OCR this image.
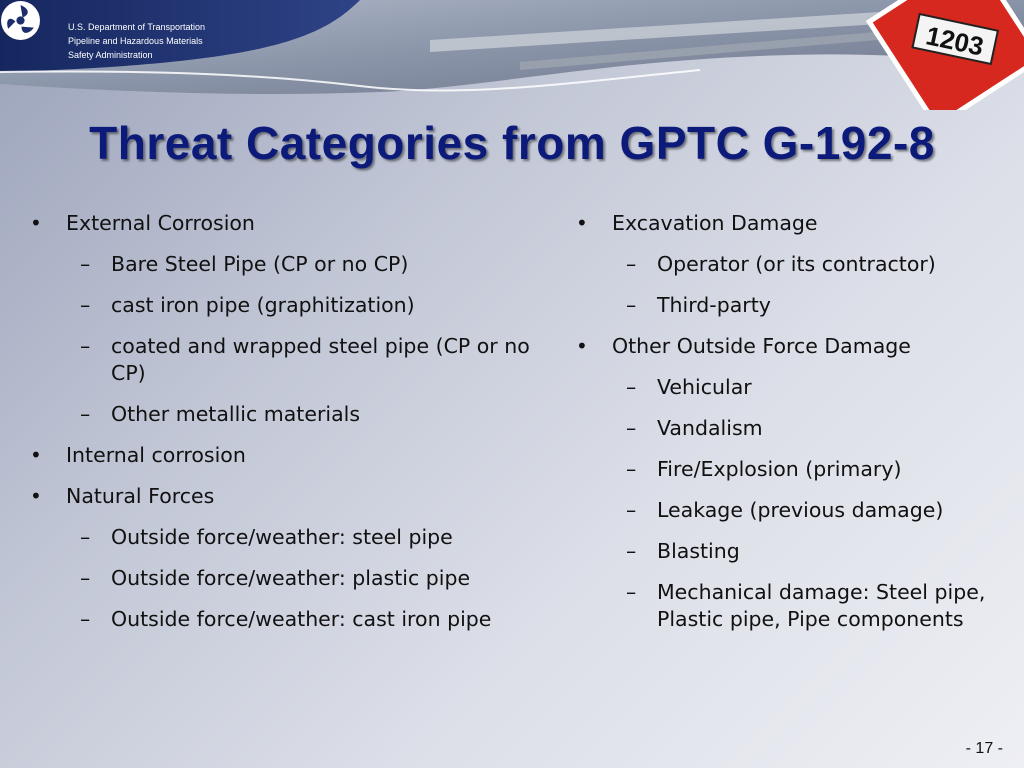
1203
U.S. Department of Transportation
Pipeline and Hazardous Materials
Safety Administration
Threat Categories from GPTC G-192-8
• External Corrosion
– Bare Steel Pipe (CP or no CP)
– cast iron pipe (graphitization)
– coated and wrapped steel pipe (CP or no CP)
– Other metallic materials
• Internal corrosion
• Natural Forces
– Outside force/weather: steel pipe
– Outside force/weather: plastic pipe
– Outside force/weather: cast iron pipe
• Excavation Damage
– Operator (or its contractor)
– Third-party
• Other Outside Force Damage
– Vehicular
– Vandalism
– Fire/Explosion (primary)
– Leakage (previous damage)
– Blasting
– Mechanical damage: Steel pipe, Plastic pipe, Pipe components
- 17 -
